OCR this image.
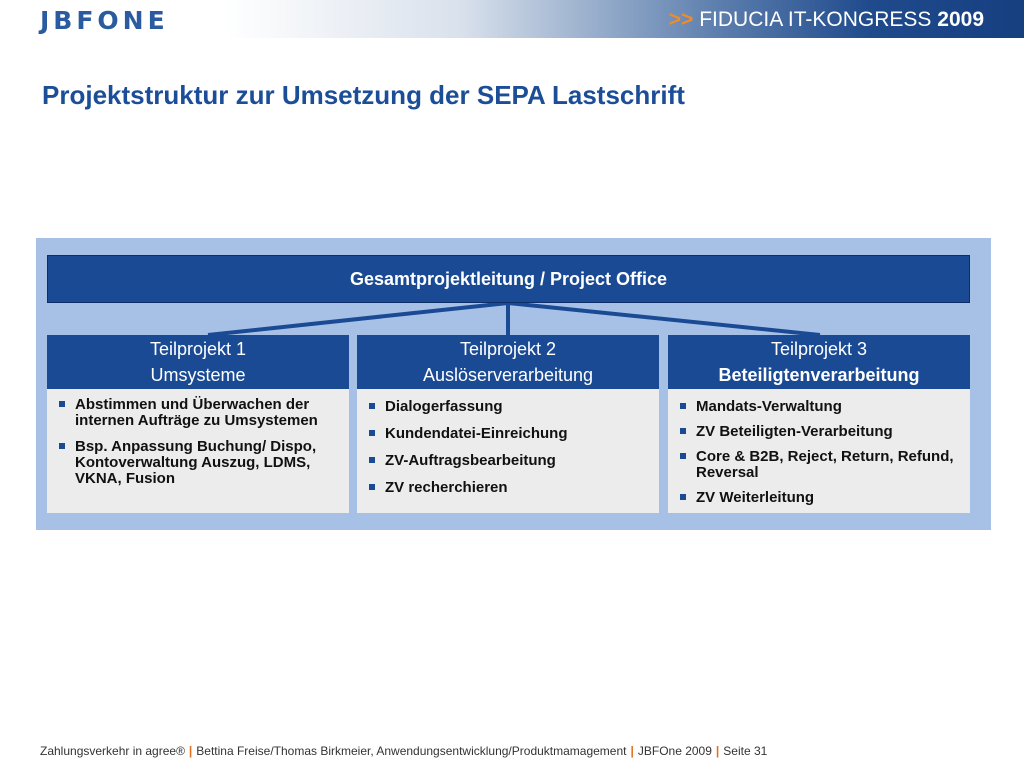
JBFONE	>> FIDUCIA IT-KONGRESS 2009
Projektstruktur zur Umsetzung der SEPA Lastschrift
Gesamtprojektleitung / Project Office
Teilprojekt 1
Umsysteme
Abstimmen und Überwachen der internen Aufträge zu Umsystemen
Bsp. Anpassung Buchung/ Dispo, Kontoverwaltung Auszug, LDMS, VKNA, Fusion
Teilprojekt 2
Auslöserverarbeitung
Dialogerfassung
Kundendatei-Einreichung
ZV-Auftragsbearbeitung
ZV recherchieren
Teilprojekt 3
Beteiligtenverarbeitung
Mandats-Verwaltung
ZV Beteiligten-Verarbeitung
Core & B2B, Reject, Return, Refund, Reversal
ZV Weiterleitung
Zahlungsverkehr in agree® | Bettina Freise/Thomas Birkmeier, Anwendungsentwicklung/Produktmamagement | JBFOne 2009 | Seite 31
